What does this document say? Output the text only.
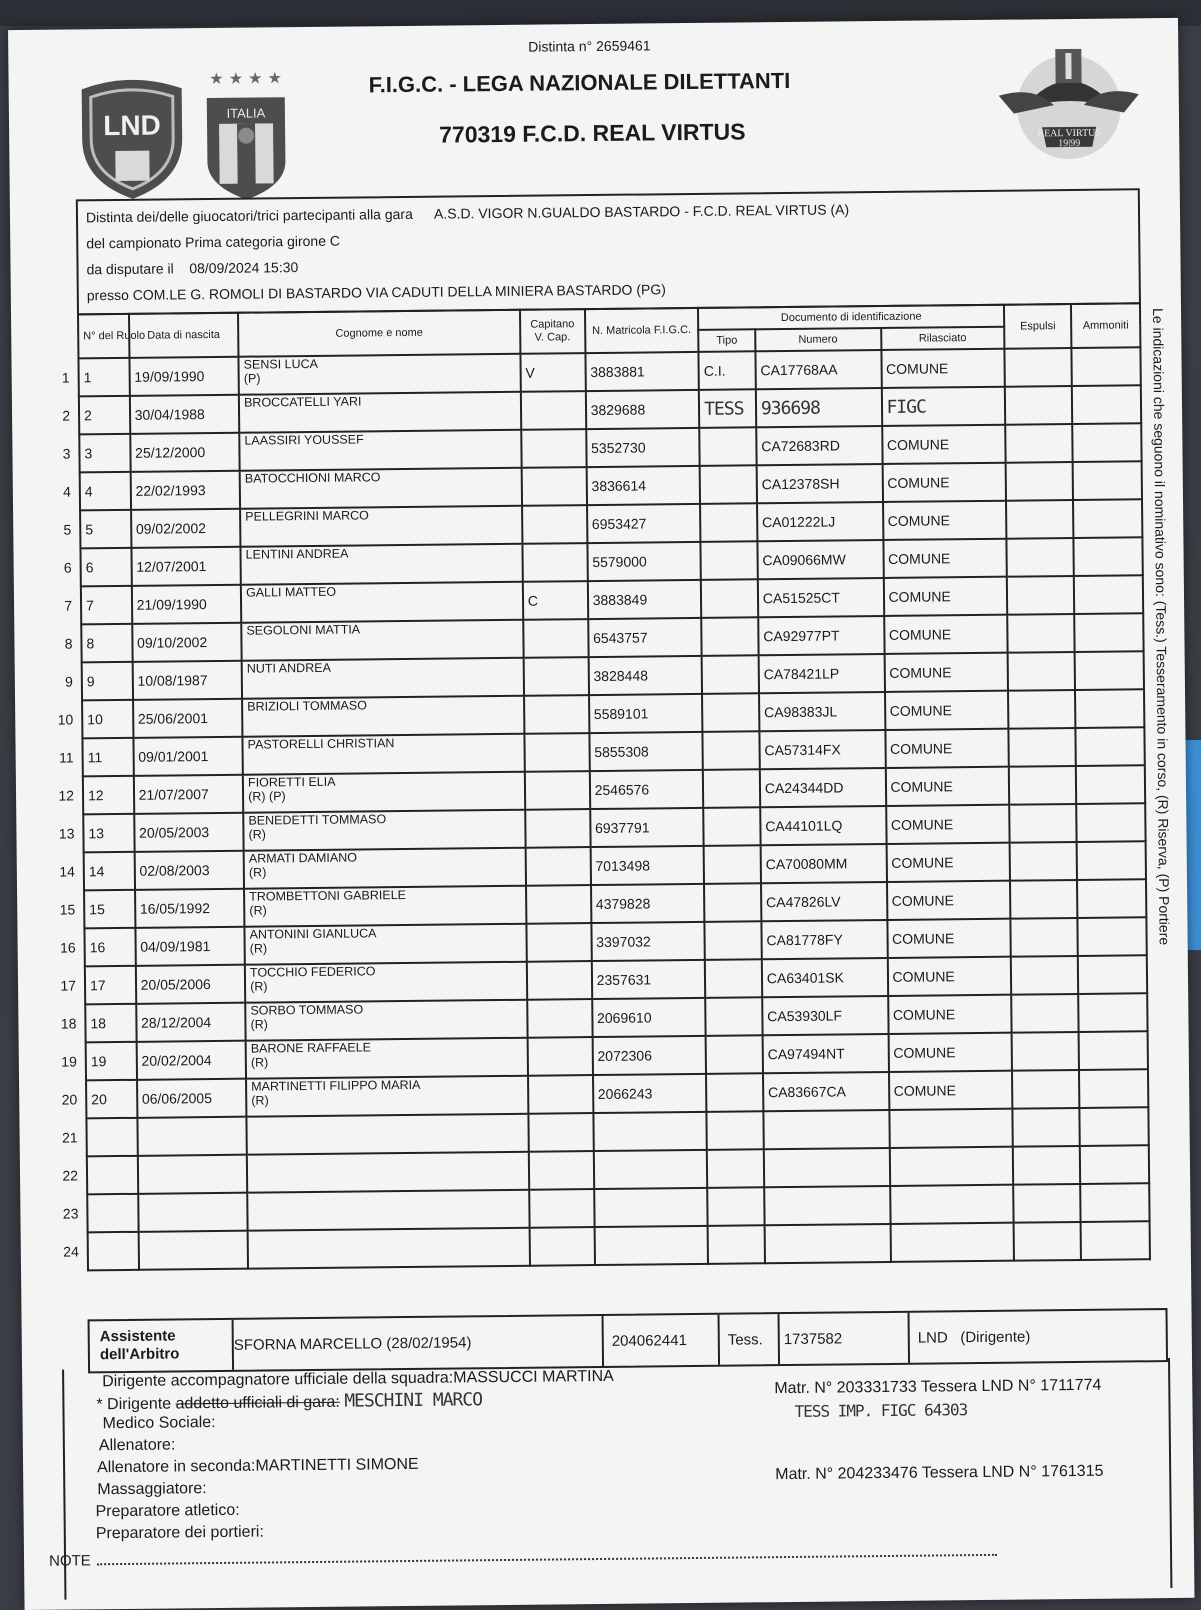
Distinta n° 2659461
F.I.G.C. - LEGA NAZIONALE DILETTANTI
770319 F.C.D. REAL VIRTUS
LND
★ ★ ★ ★
ITALIA
REAL VIRTUS
19|99
Distinta dei/delle giuocatori/trici partecipanti alla gara A.S.D. VIGOR N.GUALDO BASTARDO - F.C.D. REAL VIRTUS (A)
del campionato Prima categoria girone C
da disputare il 08/09/2024 15:30
presso COM.LE G. ROMOLI DI BASTARDO VIA CADUTI DELLA MINIERA BASTARDO (PG)
N° del Ruolo	Data di nascita	Cognome e nome	Capitano V. Cap.	N. Matricola F.I.G.C.	Documento di identificazione			Espulsi	Ammoniti
					Tipo	Numero	Rilasciato		

1 1	19/09/1990	SENSI LUCA
(P)	V	3883881	C.I.	CA17768AA	COMUNE		

2 2	30/04/1988	BROCCATELLI YARI		3829688	TESS	936698	FIGC		

3 3	25/12/2000	LAASSIRI YOUSSEF		5352730		CA72683RD	COMUNE		

4 4	22/02/1993	BATOCCHIONI MARCO		3836614		CA12378SH	COMUNE		

5 5	09/02/2002	PELLEGRINI MARCO		6953427		CA01222LJ	COMUNE		

6 6	12/07/2001	LENTINI ANDREA		5579000		CA09066MW	COMUNE		

7 7	21/09/1990	GALLI MATTEO	C	3883849		CA51525CT	COMUNE		

8 8	09/10/2002	SEGOLONI MATTIA		6543757		CA92977PT	COMUNE		

9 9	10/08/1987	NUTI ANDREA		3828448		CA78421LP	COMUNE		

10 10	25/06/2001	BRIZIOLI TOMMASO		5589101		CA98383JL	COMUNE		

11 11	09/01/2001	PASTORELLI CHRISTIAN		5855308		CA57314FX	COMUNE		

12 12	21/07/2007	FIORETTI ELIA
(R) (P)		2546576		CA24344DD	COMUNE		

13 13	20/05/2003	BENEDETTI TOMMASO
(R)		6937791		CA44101LQ	COMUNE		

14 14	02/08/2003	ARMATI DAMIANO
(R)		7013498		CA70080MM	COMUNE		

15 15	16/05/1992	TROMBETTONI GABRIELE
(R)		4379828		CA47826LV	COMUNE		

16 16	04/09/1981	ANTONINI GIANLUCA
(R)		3397032		CA81778FY	COMUNE		

17 17	20/05/2006	TOCCHIO FEDERICO
(R)		2357631		CA63401SK	COMUNE		

18 18	28/12/2004	SORBO TOMMASO
(R)		2069610		CA53930LF	COMUNE		

19 19	20/02/2004	BARONE RAFFAELE
(R)		2072306		CA97494NT	COMUNE		

20 20	06/06/2005	MARTINETTI FILIPPO MARIA
(R)		2066243		CA83667CA	COMUNE		

21									

22									

23									

24									

Assistente
dell'Arbitro
SFORNA MARCELLO (28/02/1954)	204062441	Tess.	1737582	LND
(Dirigente)
Dirigente accompagnatore ufficiale della squadra:MASSUCCI MARTINA
* Dirigente addetto ufficiali di gara: MESCHINI MARCO
Medico Sociale:
Allenatore:
Allenatore in seconda:MARTINETTI SIMONE
Massaggiatore:
Preparatore atletico:
Preparatore dei portieri:
Matr. N° 203331733 Tessera LND N° 1711774
TESS IMP. FIGC 64303
Matr. N° 204233476 Tessera LND N° 1761315
NOTE
Le indicazioni che seguono il nominativo sono: (Tess.) Tesseramento in corso, (R) Riserva, (P) Portiere
